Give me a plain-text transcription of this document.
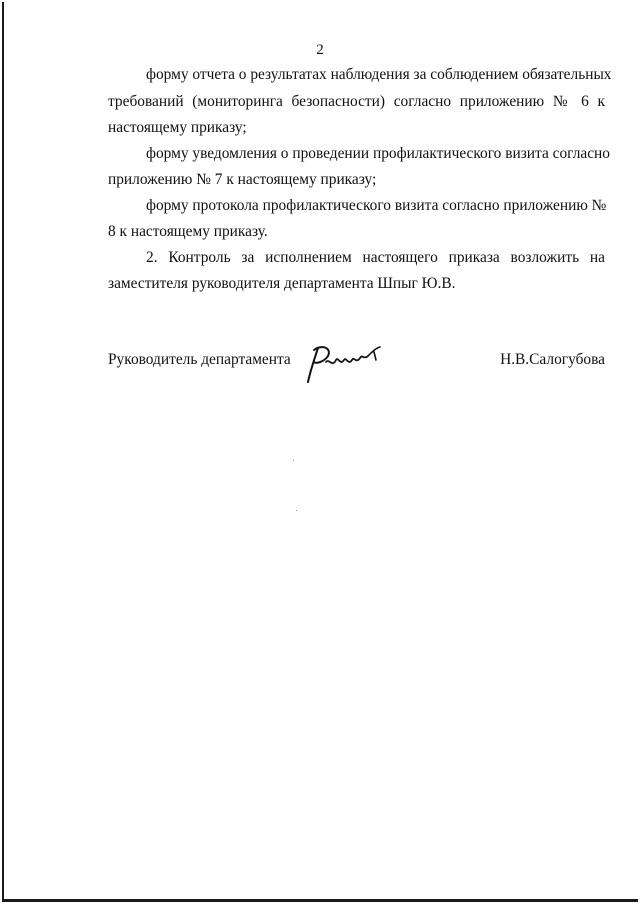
2
форму отчета о результатах наблюдения за соблюдением обязательных
требований (мониторинга безопасности) согласно приложению № 6 к
настоящему приказу;
форму уведомления о проведении профилактического визита согласно
приложению № 7 к настоящему приказу;
форму протокола профилактического визита согласно приложению №
8 к настоящему приказу.
2. Контроль за исполнением настоящего приказа возложить на
заместителя руководителя департамента Шпыг Ю.В.
Руководитель департамента	Н.В.Салогубова
